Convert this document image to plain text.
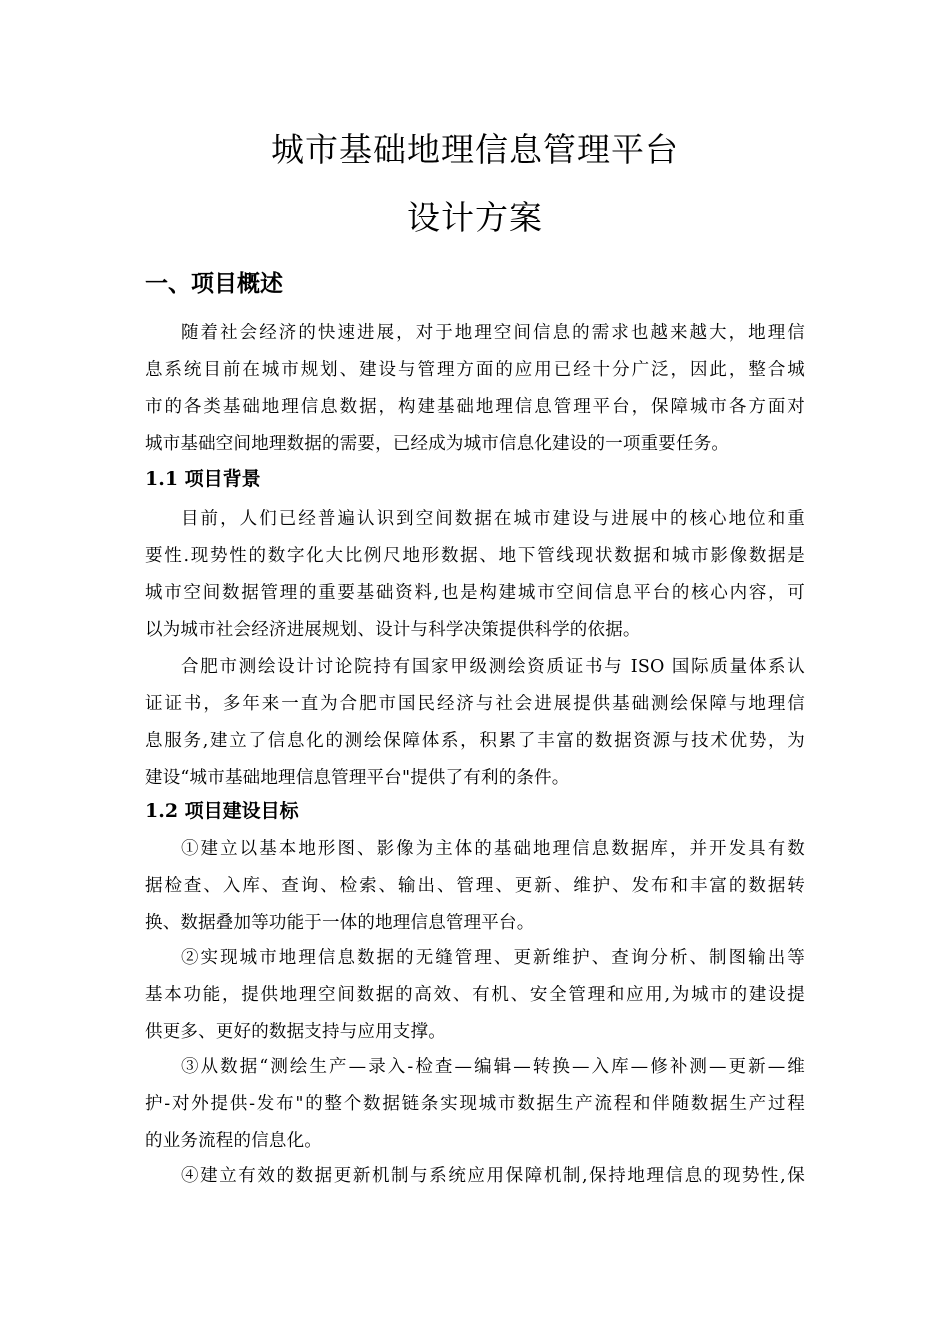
城市基础地理信息管理平台
设计方案
一、项目概述
随着社会经济的快速进展，对于地理空间信息的需求也越来越大，地理信
息系统目前在城市规划、建设与管理方面的应用已经十分广泛，因此，整合城
市的各类基础地理信息数据，构建基础地理信息管理平台，保障城市各方面对
城市基础空间地理数据的需要，已经成为城市信息化建设的一项重要任务。
1.1 项目背景
目前，人们已经普遍认识到空间数据在城市建设与进展中的核心地位和重
要性.现势性的数字化大比例尺地形数据、地下管线现状数据和城市影像数据是
城市空间数据管理的重要基础资料,也是构建城市空间信息平台的核心内容，可
以为城市社会经济进展规划、设计与科学决策提供科学的依据。
合肥市测绘设计讨论院持有国家甲级测绘资质证书与 ISO 国际质量体系认
证证书，多年来一直为合肥市国民经济与社会进展提供基础测绘保障与地理信
息服务,建立了信息化的测绘保障体系，积累了丰富的数据资源与技术优势，为
建设“城市基础地理信息管理平台"提供了有利的条件。
1.2 项目建设目标
①建立以基本地形图、影像为主体的基础地理信息数据库，并开发具有数
据检查、入库、查询、检索、输出、管理、更新、维护、发布和丰富的数据转
换、数据叠加等功能于一体的地理信息管理平台。
②实现城市地理信息数据的无缝管理、更新维护、查询分析、制图输出等
基本功能，提供地理空间数据的高效、有机、安全管理和应用,为城市的建设提
供更多、更好的数据支持与应用支撑。
③从数据“测绘生产—录入-检查—编辑—转换—入库—修补测—更新—维
护-对外提供-发布"的整个数据链条实现城市数据生产流程和伴随数据生产过程
的业务流程的信息化。
④建立有效的数据更新机制与系统应用保障机制,保持地理信息的现势性,保
